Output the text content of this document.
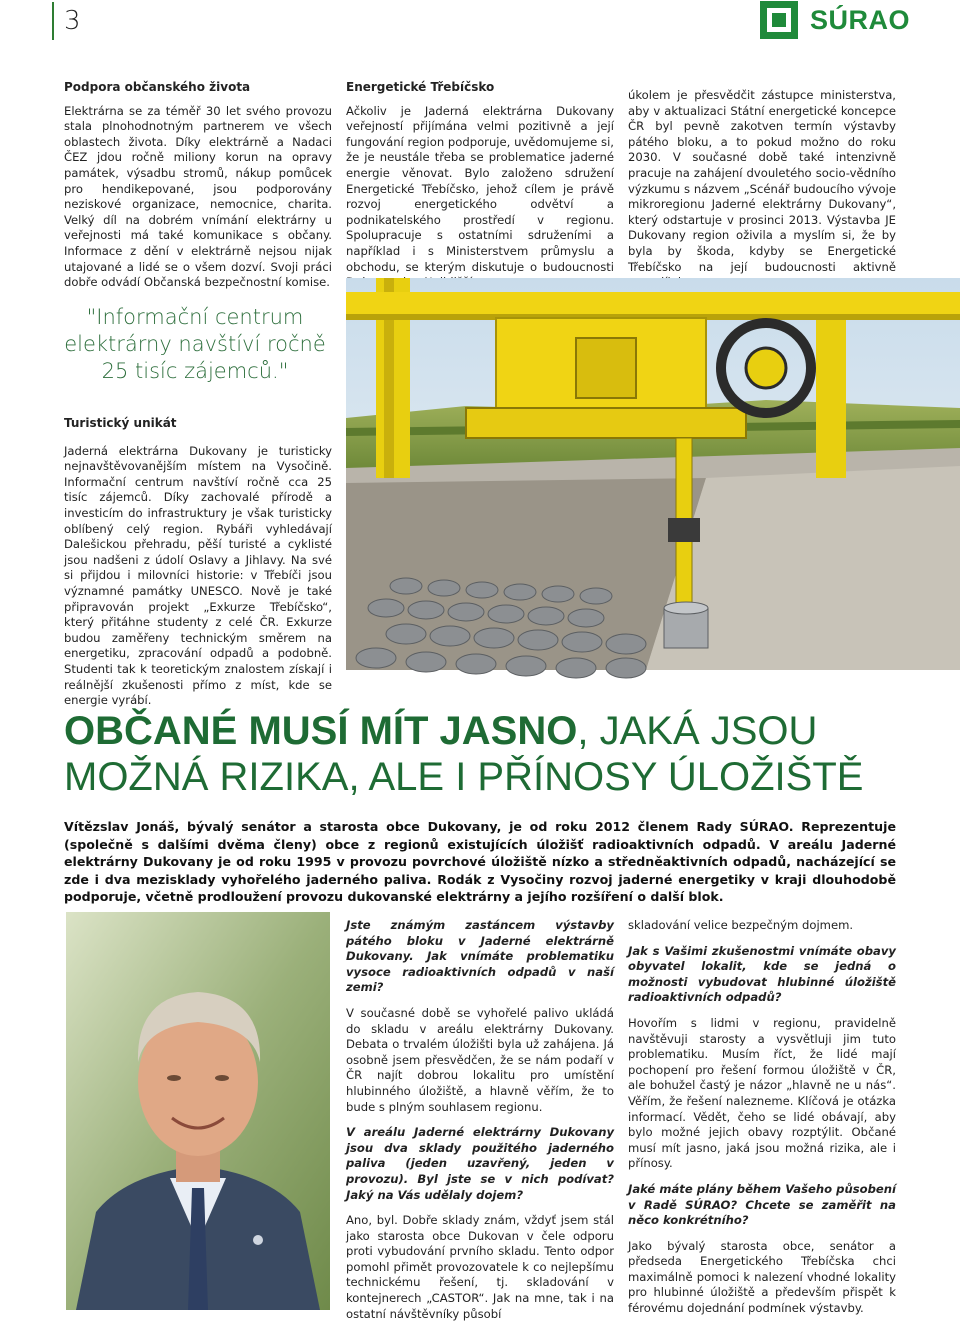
3	SÚRAO
Podpora občanského života
Elektrárna se za téměř 30 let svého provozu stala plnohodnotným partnerem ve všech oblastech života. Díky elektrárně a Nadaci ČEZ jdou ročně miliony korun na opravy památek, výsadbu stromů, nákup pomůcek pro hendikepované, jsou podporovány neziskové organizace, nemocnice, charita. Velký díl na dobrém vnímání elektrárny u veřejnosti má také komunikace s občany. Informace z dění v elektrárně nejsou nijak utajované a lidé se o všem dozví. Svoji práci dobře odvádí Občanská bezpečnostní komise.
Energetické Třebíčsko
Ačkoliv je Jaderná elektrárna Dukovany veřejností přijímána velmi pozitivně a její fungování region podporuje, uvědomujeme si, že je neustále třeba se problematice jaderné energie věnovat. Bylo založeno sdružení Energetické Třebíčsko, jehož cílem je právě rozvoj energetického odvětví a podnikatelského prostředí v regionu. Spolupracuje s ostatními sdruženími a například i s Ministerstvem průmyslu a obchodu, se kterým diskutuje o budoucnosti
úkolem je přesvědčit zástupce ministerstva, aby v aktualizaci Státní energetické koncepce ČR byl pevně zakotven termín výstavby pátého bloku, a to pokud možno do roku 2030. V současné době také intenzivně pracuje na zahájení dvouletého socio-vědního výzkumu s názvem „Scénář budoucího vývoje mikroregionu Jaderné elektrárny Dukovany“, který odstartuje v prosinci 2013. Výstavba JE Dukovany region oživila a myslím si, že by byla by škoda, kdyby se Energetické Třebíčsko na její budoucnosti aktivně
"Informační centrum elektrárny navštíví ročně 25 tisíc zájemců."
Turistický unikát
Jaderná elektrárna Dukovany je turisticky nejnavštěvovanějším místem na Vysočině. Informační centrum navštíví ročně cca 25 tisíc zájemců. Díky zachovalé přírodě a investicím do infrastruktury je však turisticky oblíbený celý region. Rybáři vyhledávají Dalešickou přehradu, pěší turisté a cyklisté jsou nadšeni z údolí Oslavy a Jihlavy. Na své si přijdou i milovníci historie: v Třebíči jsou významné památky UNESCO. Nově je také připravován projekt „Exkurze Třebíčsko“, který přitáhne studenty z celé ČR. Exkurze budou zaměřeny technickým směrem na energetiku, zpracování odpadů a podobně. Studenti tak k teoretickým znalostem získají i reálnější zkušenosti přímo z míst, kde se energie vyrábí.
OBČANÉ MUSÍ MÍT JASNO, JAKÁ JSOU MOŽNÁ RIZIKA, ALE I PŘÍNOSY ÚLOŽIŠTĚ
Vítězslav Jonáš, bývalý senátor a starosta obce Dukovany, je od roku 2012 členem Rady SÚRAO. Reprezentuje (společně s dalšími dvěma členy) obce z regionů existujících úložišť radioaktivních odpadů. V areálu Jaderné elektrárny Dukovany je od roku 1995 v provozu povrchové úložiště nízko a středněaktivních odpadů, nacházející se zde i dva mezisklady vyhořelého jaderného paliva. Rodák z Vysočiny rozvoj jaderné energetiky v kraji dlouhodobě podporuje, včetně prodloužení provozu dukovanské elektrárny a jejího rozšíření o další blok.
Jste známým zastáncem výstavby pátého bloku v Jaderné elektrárně Dukovany. Jak vnímáte problematiku vysoce radioaktivních odpadů v naší zemi?
V současné době se vyhořelé palivo ukládá do skladu v areálu elektrárny Dukovany. Debata o trvalém úložišti byla už zahájena. Já osobně jsem přesvědčen, že se nám podaří v ČR najít dobrou lokalitu pro umístění hlubinného úložiště, a hlavně věřím, že to bude s plným souhlasem regionu.
V areálu Jaderné elektrárny Dukovany jsou dva sklady použitého jaderného paliva (jeden uzavřený, jeden v provozu). Byl jste se v nich podívat? Jaký na Vás udělaly dojem?
Ano, byl. Dobře sklady znám, vždyť jsem stál jako starosta obce Dukovan v čele odporu proti vybudování prvního skladu. Tento odpor pomohl přimět provozovatele k co nejlepšímu technickému řešení, tj. skladování v kontejnerech „CASTOR“. Jak na mne, tak i na ostatní návštěvníky působí
skladování velice bezpečným dojmem.
Jak s Vašimi zkušenostmi vnímáte obavy obyvatel lokalit, kde se jedná o možnosti vybudovat hlubinné úložiště radioaktivních odpadů?
Hovořím s lidmi v regionu, pravidelně navštěvuji starosty a vysvětluji jim tuto problematiku. Musím říct, že lidé mají pochopení pro řešení formou úložiště v ČR, ale bohužel častý je názor „hlavně ne u nás“. Věřím, že řešení nalezneme. Klíčová je otázka informací. Vědět, čeho se lidé obávají, aby bylo možné jejich obavy rozptýlit. Občané musí mít jasno, jaká jsou možná rizika, ale i přínosy.
Jaké máte plány během Vašeho působení v Radě SÚRAO? Chcete se zaměřit na něco konkrétního?
Jako bývalý starosta obce, senátor a předseda Energetického Třebíčska chci maximálně pomoci k nalezení vhodné lokality pro hlubinné úložiště a především přispět k férovému dojednání podmínek výstavby.
